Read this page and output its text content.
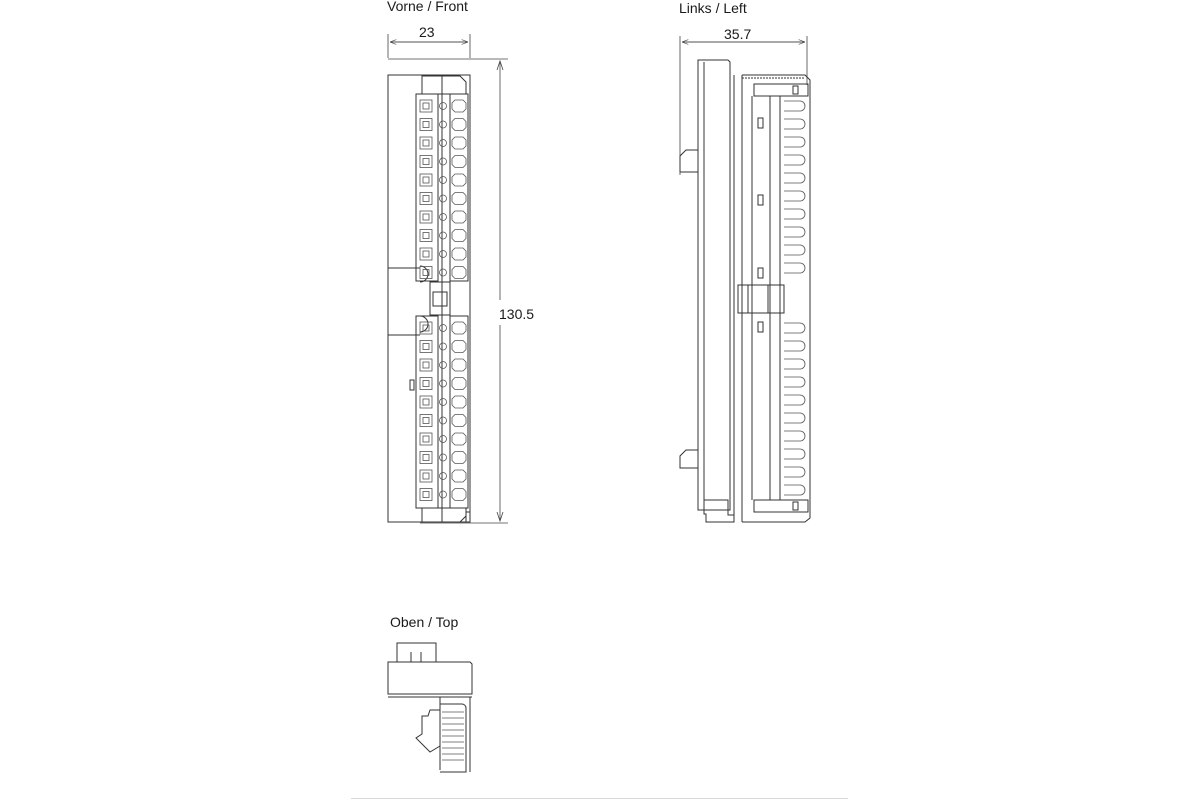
Vorne / Front
23
130.5
Links / Left
35.7
Oben / Top
